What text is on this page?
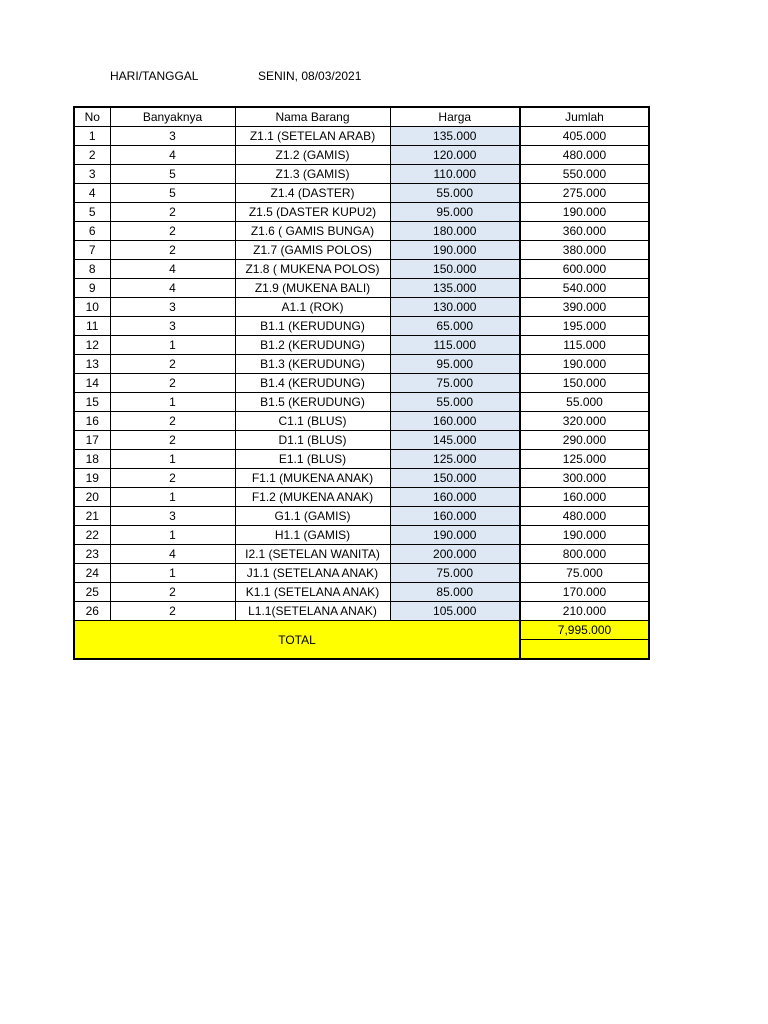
HARI/TANGGAL	SENIN, 08/03/2021
No	Banyaknya	Nama Barang	Harga	Jumlah
1	3	Z1.1 (SETELAN ARAB)	135.000	405.000
2	4	Z1.2 (GAMIS)	120.000	480.000
3	5	Z1.3 (GAMIS)	110.000	550.000
4	5	Z1.4 (DASTER)	55.000	275.000
5	2	Z1.5 (DASTER KUPU2)	95.000	190.000
6	2	Z1.6 ( GAMIS BUNGA)	180.000	360.000
7	2	Z1.7 (GAMIS POLOS)	190.000	380.000
8	4	Z1.8 ( MUKENA POLOS)	150.000	600.000
9	4	Z1.9 (MUKENA BALI)	135.000	540.000
10	3	A1.1 (ROK)	130.000	390.000
11	3	B1.1 (KERUDUNG)	65.000	195.000
12	1	B1.2 (KERUDUNG)	115.000	115.000
13	2	B1.3 (KERUDUNG)	95.000	190.000
14	2	B1.4 (KERUDUNG)	75.000	150.000
15	1	B1.5 (KERUDUNG)	55.000	55.000
16	2	C1.1 (BLUS)	160.000	320.000
17	2	D1.1 (BLUS)	145.000	290.000
18	1	E1.1 (BLUS)	125.000	125.000
19	2	F1.1 (MUKENA ANAK)	150.000	300.000
20	1	F1.2 (MUKENA ANAK)	160.000	160.000
21	3	G1.1 (GAMIS)	160.000	480.000
22	1	H1.1 (GAMIS)	190.000	190.000
23	4	I2.1 (SETELAN WANITA)	200.000	800.000
24	1	J1.1 (SETELANA ANAK)	75.000	75.000
25	2	K1.1 (SETELANA ANAK)	85.000	170.000
26	2	L1.1(SETELANA ANAK)	105.000	210.000
TOTAL				7,995.000
